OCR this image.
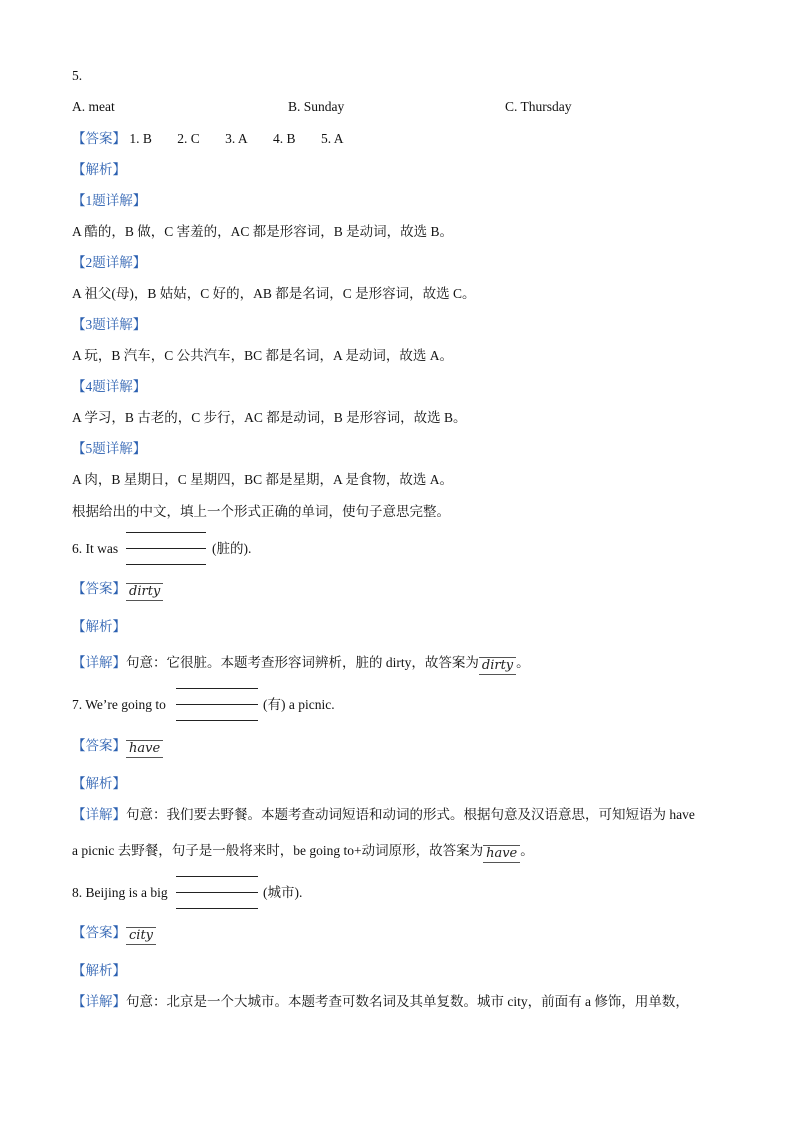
5.
A. meat	B. Sunday	C. Thursday
【答案】 1. B 2. C 3. A 4. B 5. A
【解析】
【1题详解】
A 酷的，B 做，C 害羞的，AC 都是形容词，B 是动词，故选 B。
【2题详解】
A 祖父(母)，B 姑姑，C 好的，AB 都是名词，C 是形容词，故选 C。
【3题详解】
A 玩，B 汽车，C 公共汽车，BC 都是名词，A 是动词，故选 A。
【4题详解】
A 学习，B 古老的，C 步行，AC 都是动词，B 是形容词，故选 B。
【5题详解】
A 肉，B 星期日，C 星期四，BC 都是星期，A 是食物，故选 A。
根据给出的中文，填上一个形式正确的单词，使句子意思完整。
6. It was	(脏的).
【答案】 dirty
【解析】
【详解】句意：它很脏。本题考查形容词辨析，脏的 dirty，故答案为 dirty 。
7. We’re going to	(有) a picnic.
【答案】 have
【解析】
【详解】句意：我们要去野餐。本题考查动词短语和动词的形式。根据句意及汉语意思，可知短语为 have
a picnic 去野餐，句子是一般将来时，be going to+动词原形，故答案为 have 。
8. Beijing is a big	(城市).
【答案】 city
【解析】
【详解】句意：北京是一个大城市。本题考查可数名词及其单复数。城市 city，前面有 a 修饰，用单数，
